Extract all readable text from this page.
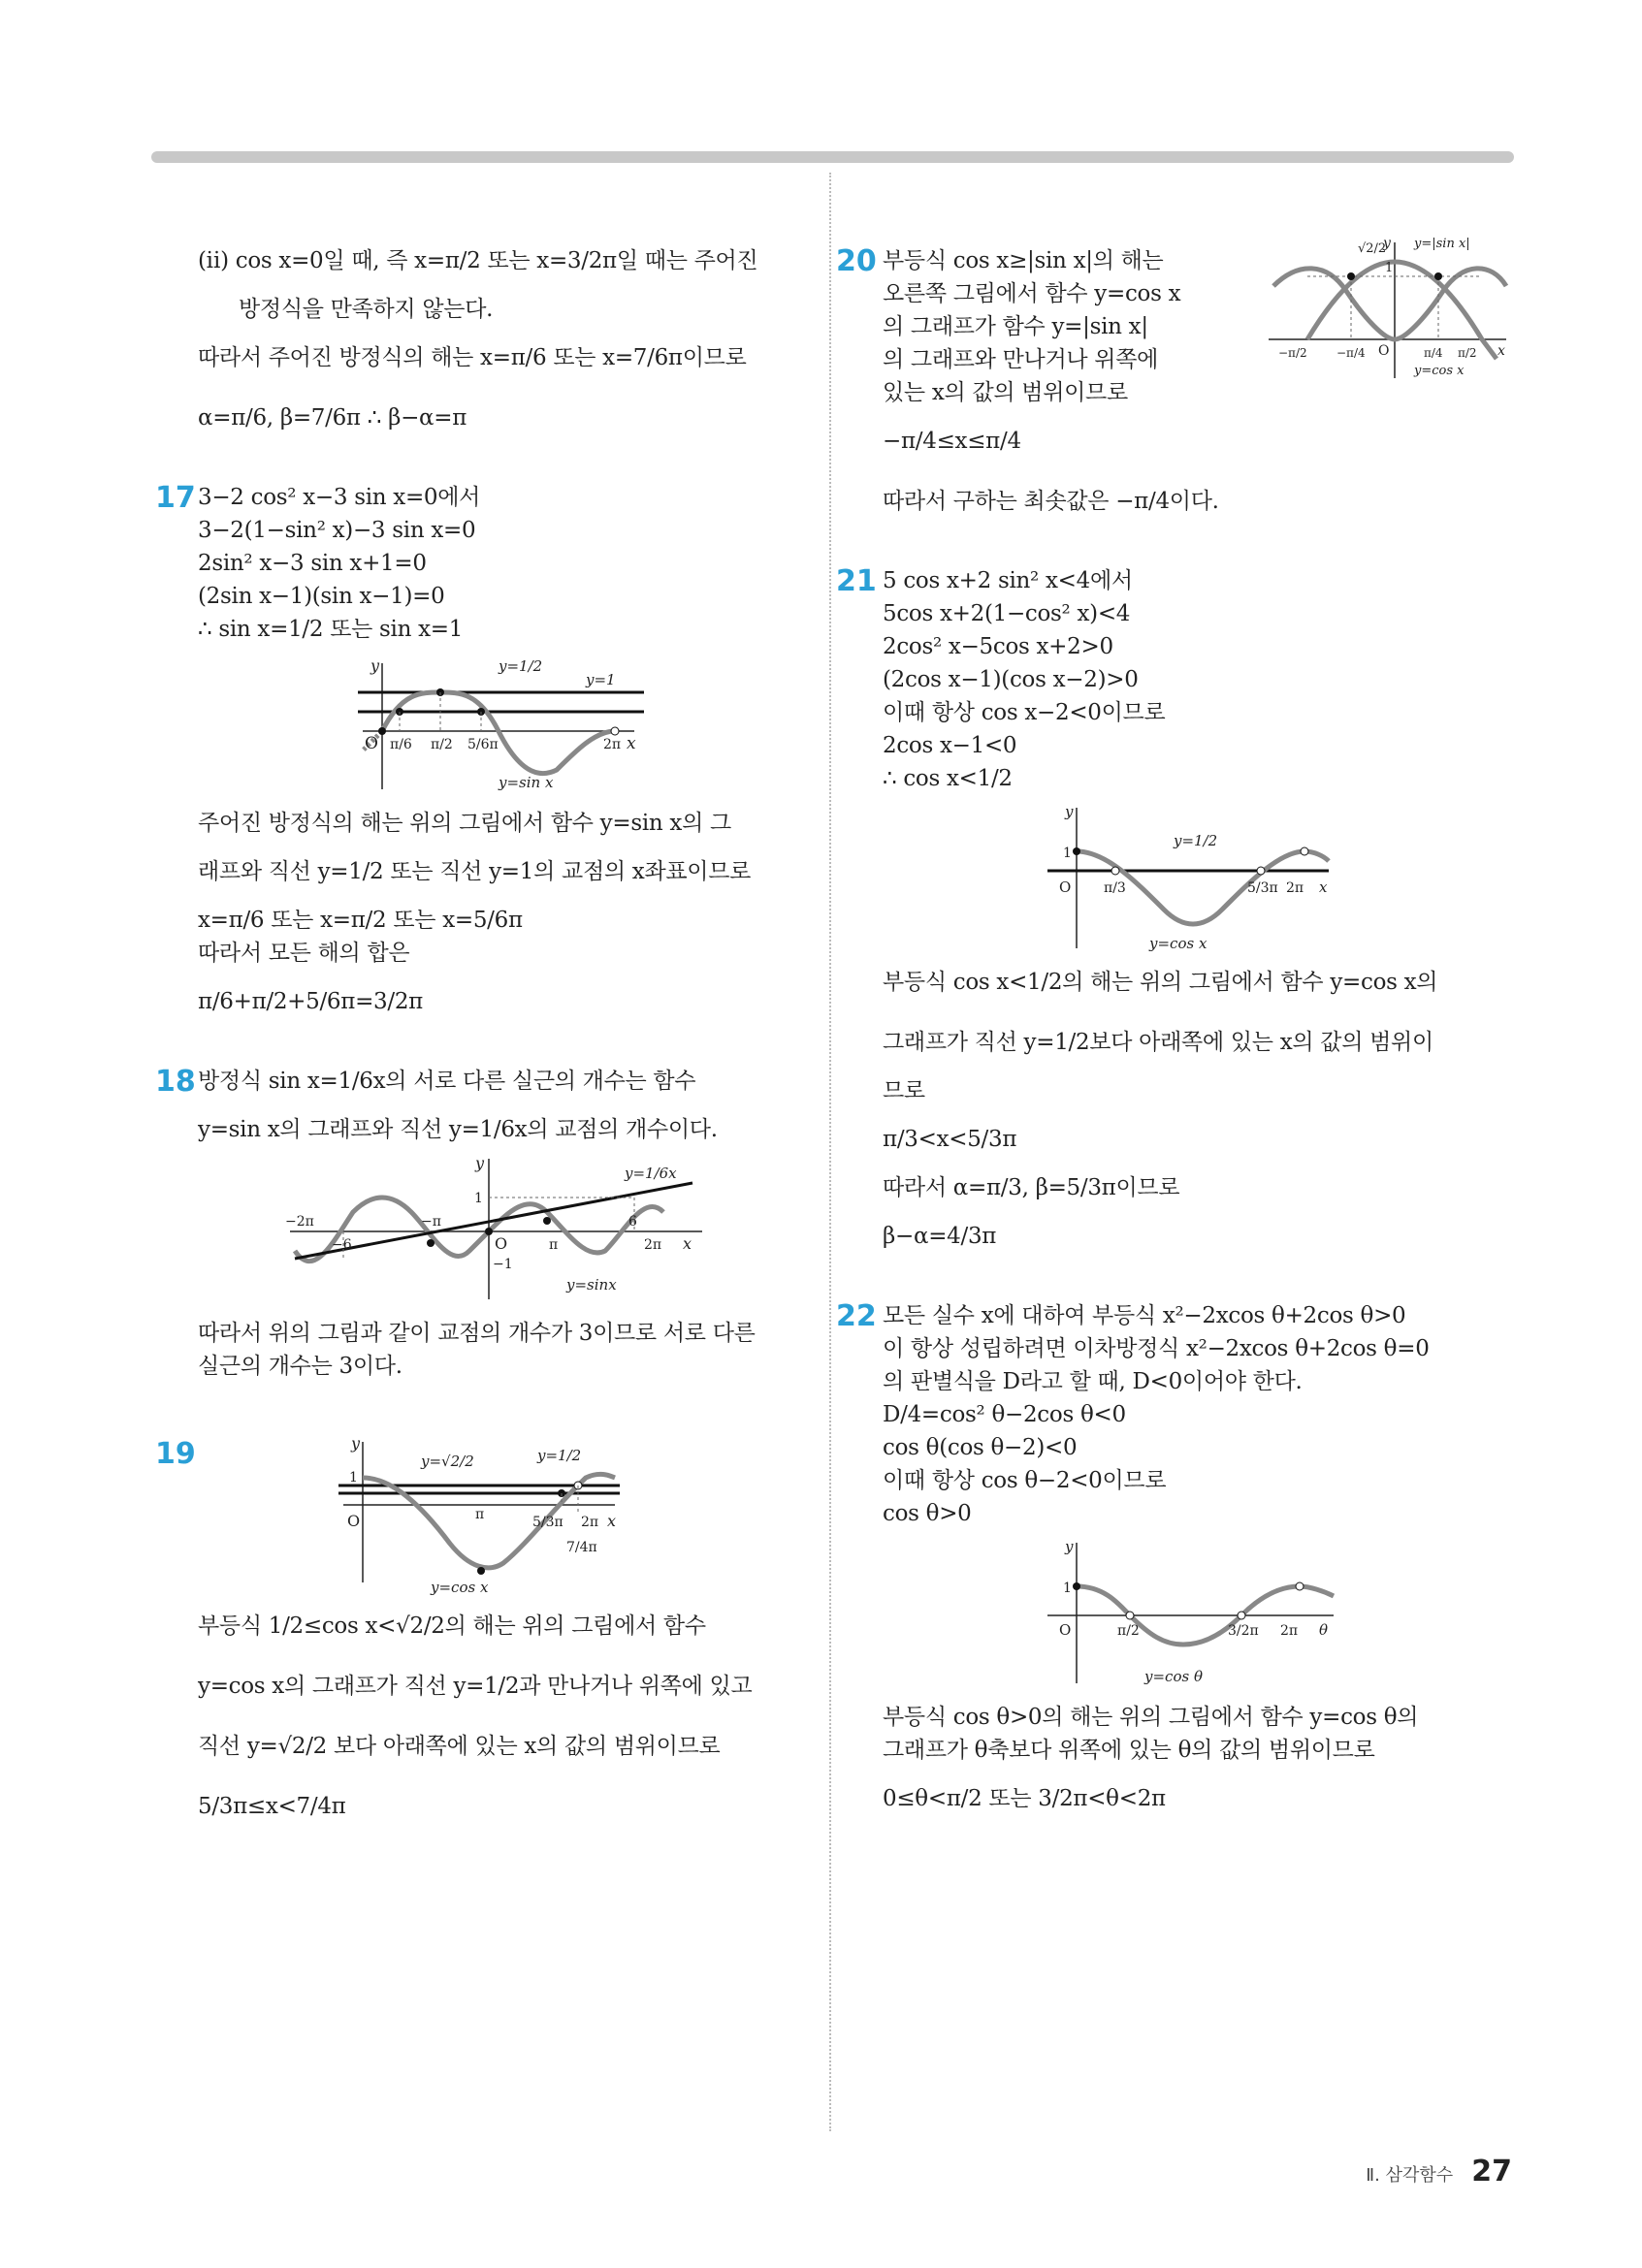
(ⅱ) cos x=0일 때, 즉 x=π/2 또는 x=3/2π일 때는 주어진
방정식을 만족하지 않는다.
따라서 주어진 방정식의 해는 x=π/6 또는 x=7/6π이므로
α=π/6, β=7/6π ∴ β−α=π
17 3−2 cos² x−3 sin x=0에서
3−2(1−sin² x)−3 sin x=0
2sin² x−3 sin x+1=0
(2sin x−1)(sin x−1)=0
∴ sin x=1/2 또는 sin x=1
y
O	x
π/6 π/2 5/6π	2π
y=1/2
y=1
y=sin x
주어진 방정식의 해는 위의 그림에서 함수 y=sin x의 그
래프와 직선 y=1/2 또는 직선 y=1의 교점의 x좌표이므로
x=π/6 또는 x=π/2 또는 x=5/6π
따라서 모든 해의 합은
π/6+π/2+5/6π=3/2π
18 방정식 sin x=1/6x의 서로 다른 실근의 개수는 함수
y=sin x의 그래프와 직선 y=1/6x의 교점의 개수이다.
y
1
O
−1
−2π	−π
−6	π
6
2π x
y=1/6x
y=sinx
따라서 위의 그림과 같이 교점의 개수가 3이므로 서로 다른
실근의 개수는 3이다.
19	y
1
O	π	5/3π 2π
7/4π
x
y=√2/2	y=1/2
y=cos x
부등식 1/2≤cos x<√2/2의 해는 위의 그림에서 함수
y=cos x의 그래프가 직선 y=1/2과 만나거나 위쪽에 있고
직선 y=√2/2 보다 아래쪽에 있는 x의 값의 범위이므로
5/3π≤x<7/4π
20 부등식 cos x≥|sin x|의 해는
오른쪽 그림에서 함수 y=cos x
의 그래프가 함수 y=|sin x|
의 그래프와 만나거나 위쪽에
있는 x의 값의 범위이므로
−π/4≤x≤π/4
따라서 구하는 최솟값은 −π/4이다.
y
1
√2/2
O
−π/2	−π/4	π/4 π/2 x
y=|sin x|
y=cos x
21 5 cos x+2 sin² x<4에서
5cos x+2(1−cos² x)<4
2cos² x−5cos x+2>0
(2cos x−1)(cos x−2)>0
이때 항상 cos x−2<0이므로
2cos x−1<0
∴ cos x<1/2
y
1
O π/3	5/3π 2π x
y=1/2
y=cos x
부등식 cos x<1/2의 해는 위의 그림에서 함수 y=cos x의
그래프가 직선 y=1/2보다 아래쪽에 있는 x의 값의 범위이
므로
π/3<x<5/3π
따라서 α=π/3, β=5/3π이므로
β−α=4/3π
22 모든 실수 x에 대하여 부등식 x²−2xcos θ+2cos θ>0
이 항상 성립하려면 이차방정식 x²−2xcos θ+2cos θ=0
의 판별식을 D라고 할 때, D<0이어야 한다.
D/4=cos² θ−2cos θ<0
cos θ(cos θ−2)<0
이때 항상 cos θ−2<0이므로
cos θ>0
y
1
O	π/2	3/2π 2π θ
y=cos θ
부등식 cos θ>0의 해는 위의 그림에서 함수 y=cos θ의
그래프가 θ축보다 위쪽에 있는 θ의 값의 범위이므로
0≤θ<π/2 또는 3/2π<θ<2π
Ⅱ. 삼각함수 27
